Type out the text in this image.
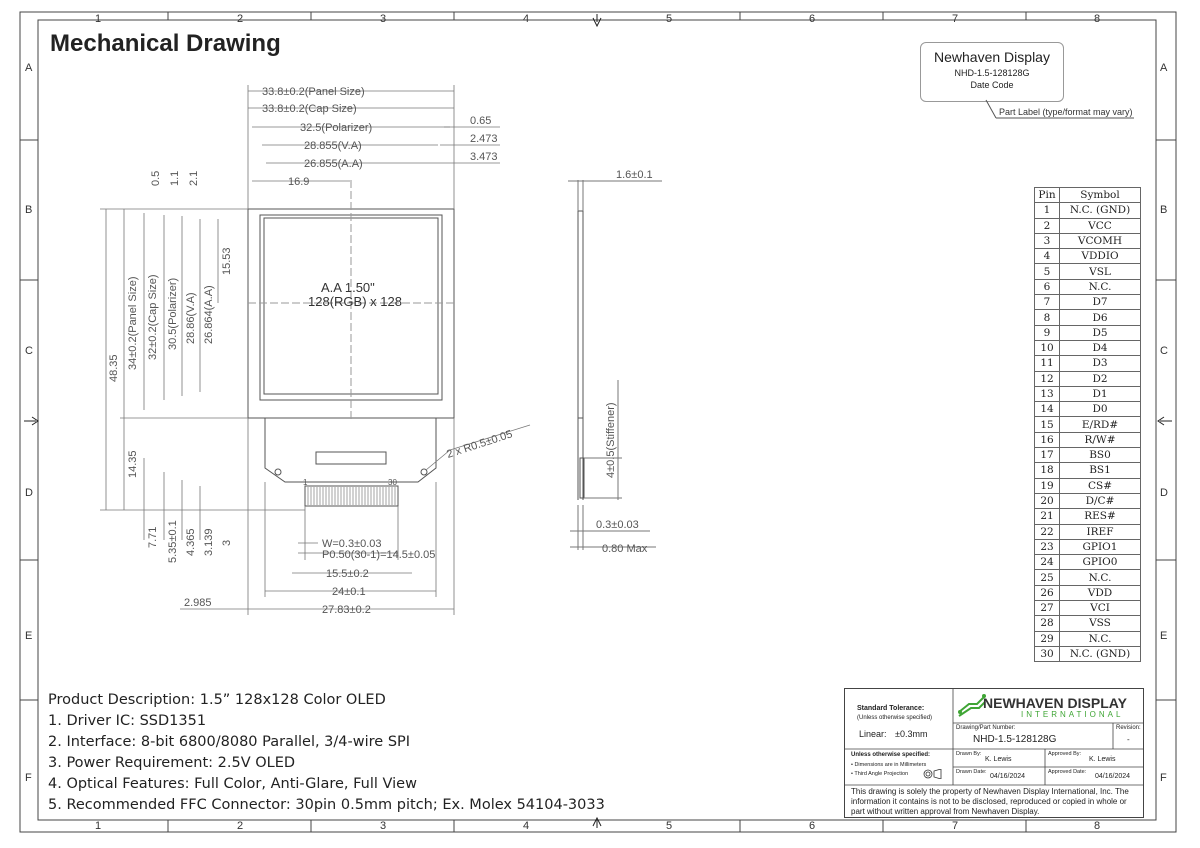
1	2	3	4	5	6	7	8
1	2	3	4	5	6	7	8
A
B
C
D
E
F
A
B
C
D
E
F
Mechanical Drawing	Newhaven Display
NHD-1.5-128128G
Date Code
Part Label (type/format may vary)
33.8±0.2(Panel Size)
33.8±0.2(Cap Size)
32.5(Polarizer)
28.855(V.A)
26.855(A.A)
16.9
0.65
2.473
3.473
0.5 1.1 2.1
48.35 34±0.2(Panel Size) 32±0.2(Cap Size) 30.5(Polarizer) 28.86(V.A) 26.864(A.A)
15.53
14.35
7.71 5.35±0.1 4.365 3.139 3
A.A 1.50"
128(RGB) x 128
2 x R0.5±0.05
1	30
W=0.3±0.03
P0.50(30-1)=14.5±0.05
15.5±0.2
24±0.1
27.83±0.2
2.985
1.6±0.1
4±0.5(Stiffener)
0.3±0.03
0.80 Max
Pin	Symbol
1	N.C. (GND)
2	VCC
3	VCOMH
4	VDDIO
5	VSL
6	N.C.
7	D7
8	D6
9	D5
10	D4
11	D3
12	D2
13	D1
14	D0
15	E/RD#
16	R/W#
17	BS0
18	BS1
19	CS#
20	D/C#
21	RES#
22	IREF
23	GPIO1
24	GPIO0
25	N.C.
26	VDD
27	VCI
28	VSS
29	N.C.
30	N.C. (GND)
Product Description: 1.5” 128x128 Color OLED
1. Driver IC: SSD1351
2. Interface: 8-bit 6800/8080 Parallel, 3/4-wire SPI
3. Power Requirement: 2.5V OLED
4. Optical Features: Full Color, Anti-Glare, Full View
5. Recommended FFC Connector: 30pin 0.5mm pitch; Ex. Molex 54104-3033
Standard Tolerance:
(Unless otherwise specified)
Linear: ±0.3mm
NEWHAVEN DISPLAY
INTERNATIONAL
Drawing/Part Number:
NHD-1.5-128128G
Revision:
-
Unless otherwise specified:
• Dimensions are in Millimeters
• Third Angle Projection
Drawn By:
K. Lewis
Approved By:
K. Lewis
Drawn Date:
04/16/2024
Approved Date:
04/16/2024
This drawing is solely the property of Newhaven Display International, Inc. The information it contains is not to be disclosed, reproduced or copied in whole or part without written approval from Newhaven Display.
